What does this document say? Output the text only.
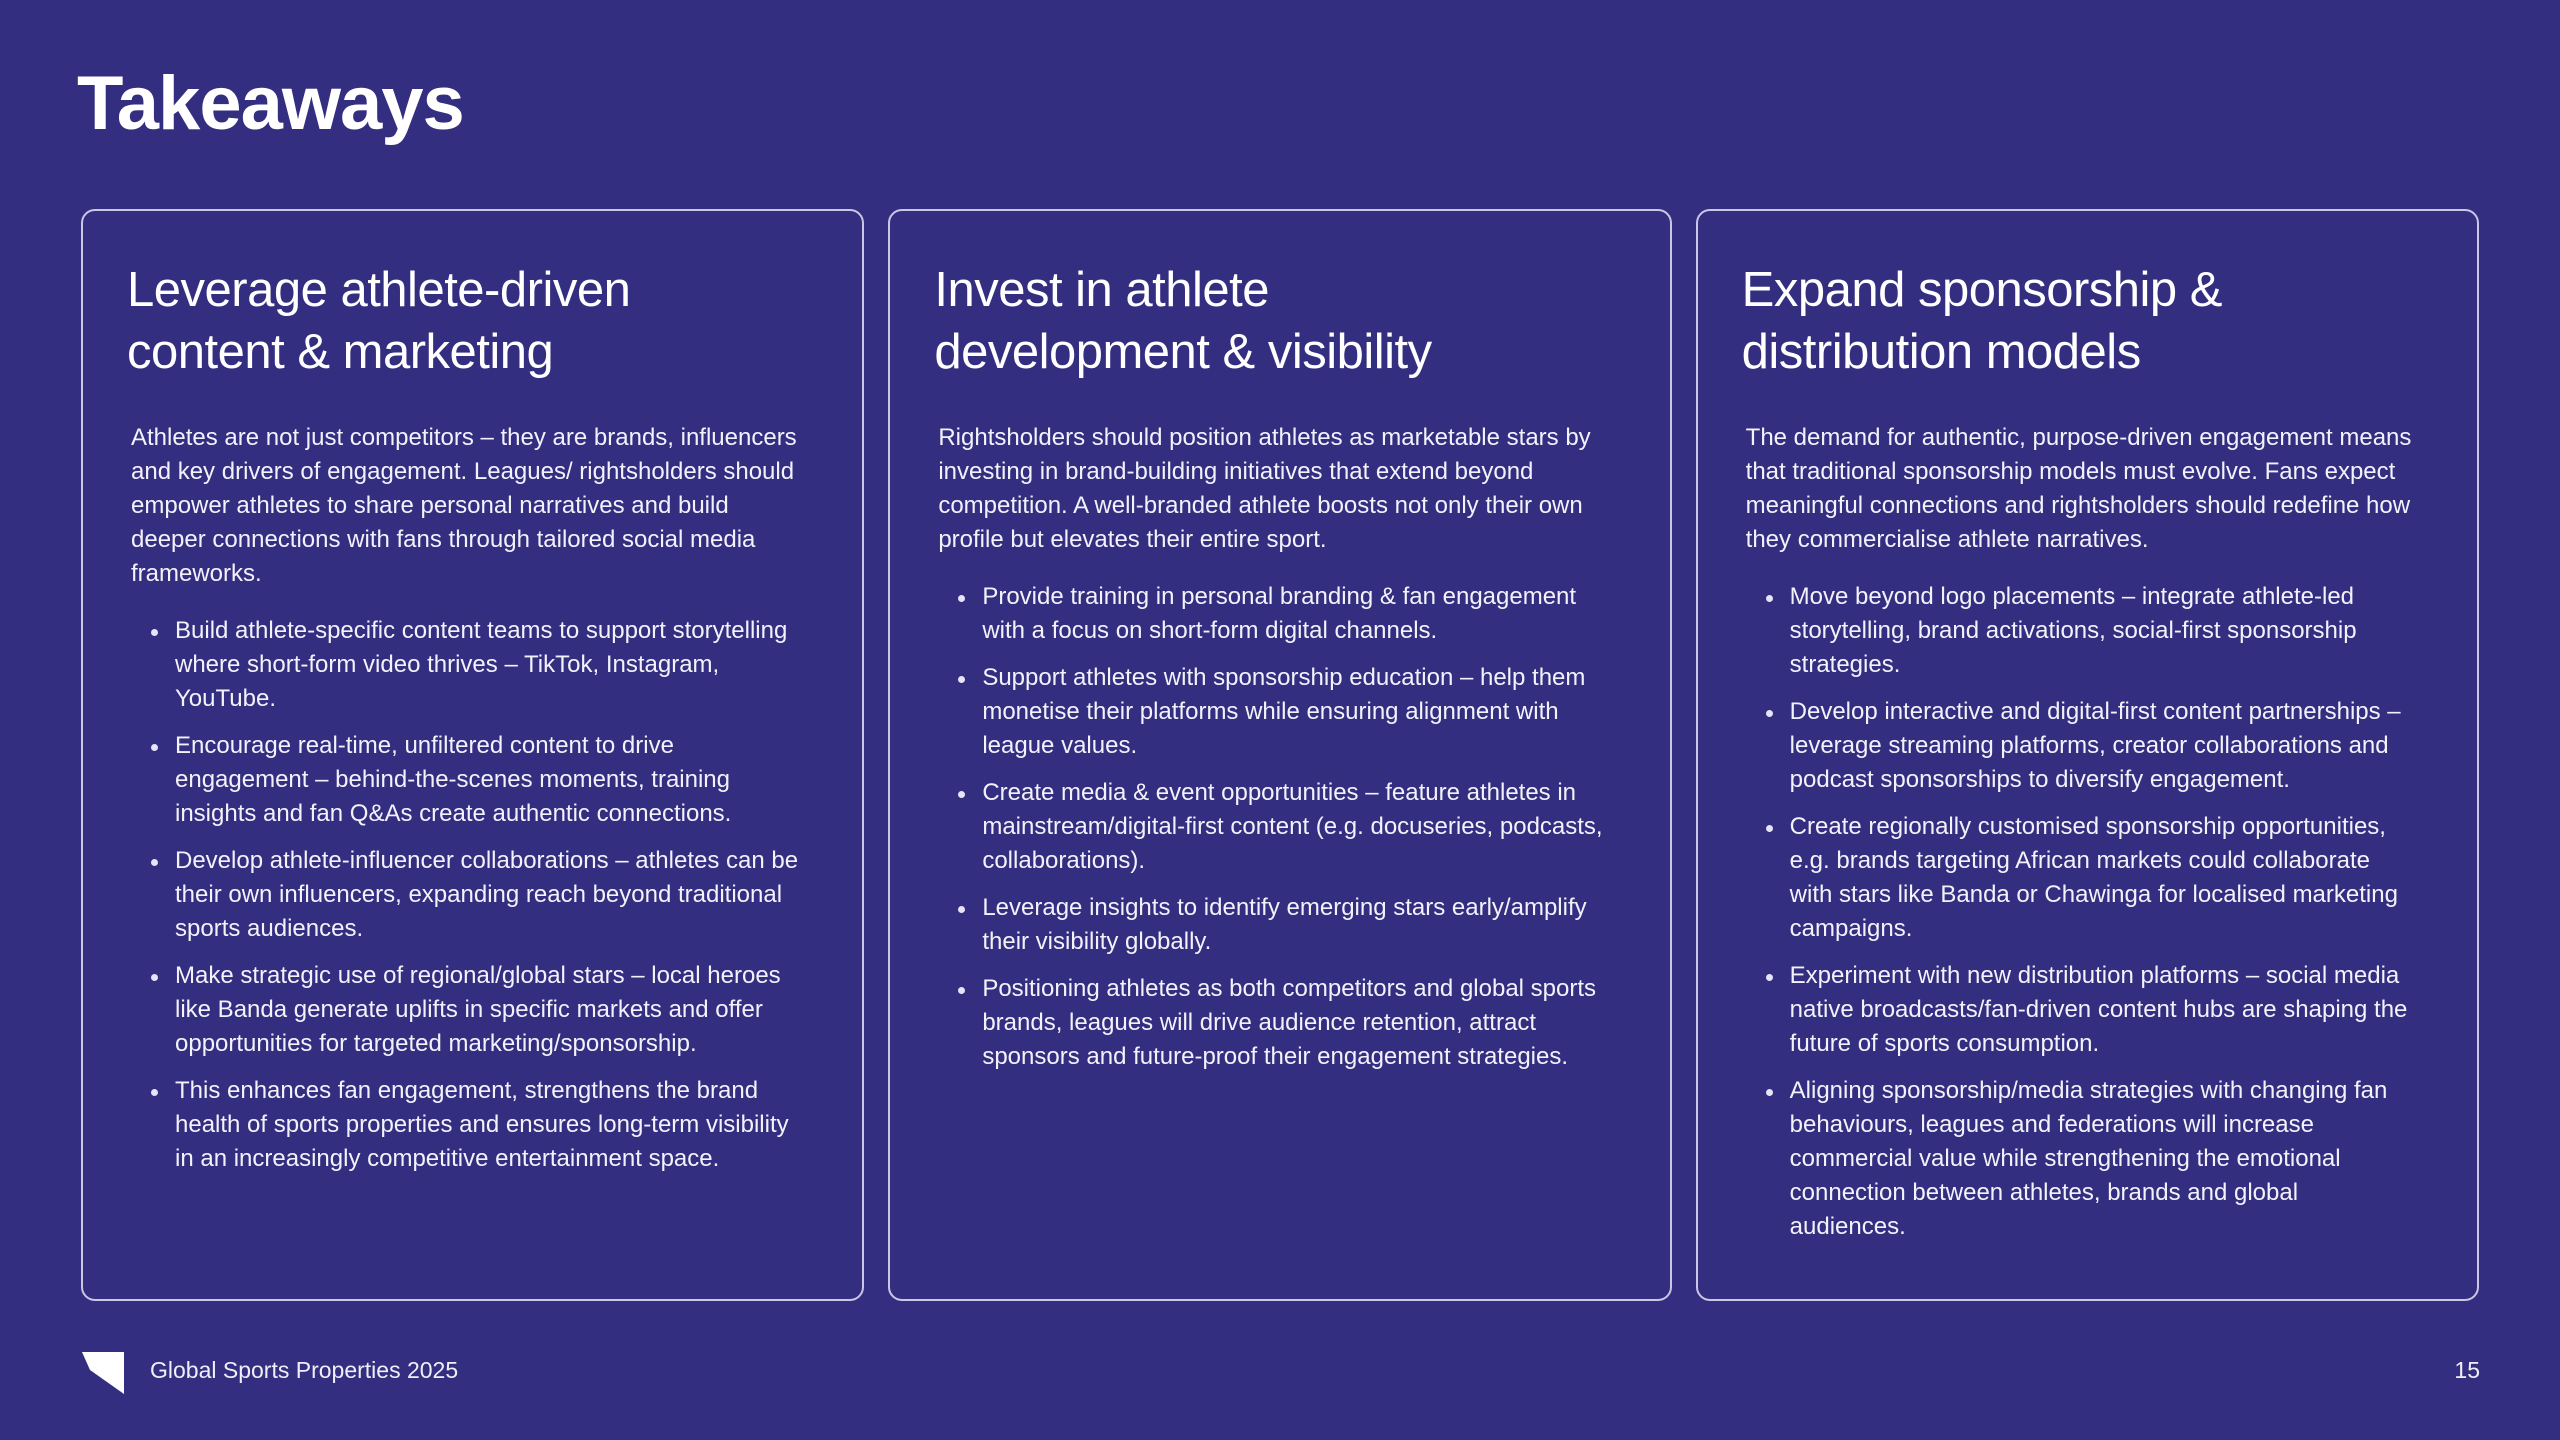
Takeaways
Leverage athlete-driven
content & marketing

Athletes are not just competitors – they are brands, influencers and key drivers of engagement. Leagues/ rightsholders should empower athletes to share personal narratives and build deeper connections with fans through tailored social media frameworks.

Build athlete-specific content teams to support storytelling where short-form video thrives – TikTok, Instagram, YouTube.
Encourage real-time, unfiltered content to drive engagement – behind-the-scenes moments, training insights and fan Q&As create authentic connections.
Develop athlete-influencer collaborations – athletes can be their own influencers, expanding reach beyond traditional sports audiences.
Make strategic use of regional/global stars – local heroes like Banda generate uplifts in specific markets and offer opportunities for targeted marketing/sponsorship.
This enhances fan engagement, strengthens the brand health of sports properties and ensures long-term visibility in an increasingly competitive entertainment space.
Invest in athlete
development & visibility

Rightsholders should position athletes as marketable stars by investing in brand-building initiatives that extend beyond competition. A well-branded athlete boosts not only their own profile but elevates their entire sport.

Provide training in personal branding & fan engagement with a focus on short-form digital channels.
Support athletes with sponsorship education – help them monetise their platforms while ensuring alignment with league values.
Create media & event opportunities – feature athletes in mainstream/digital-first content (e.g. docuseries, podcasts, collaborations).
Leverage insights to identify emerging stars early/amplify their visibility globally.
Positioning athletes as both competitors and global sports brands, leagues will drive audience retention, attract sponsors and future-proof their engagement strategies.
Expand sponsorship &
distribution models

The demand for authentic, purpose-driven engagement means that traditional sponsorship models must evolve. Fans expect meaningful connections and rightsholders should redefine how they commercialise athlete narratives.

Move beyond logo placements – integrate athlete-led storytelling, brand activations, social-first sponsorship strategies.
Develop interactive and digital-first content partnerships – leverage streaming platforms, creator collaborations and podcast sponsorships to diversify engagement.
Create regionally customised sponsorship opportunities, e.g. brands targeting African markets could collaborate with stars like Banda or Chawinga for localised marketing campaigns.
Experiment with new distribution platforms – social media native broadcasts/fan-driven content hubs are shaping the future of sports consumption.
Aligning sponsorship/media strategies with changing fan behaviours, leagues and federations will increase commercial value while strengthening the emotional connection between athletes, brands and global audiences.
Global Sports Properties 2025	15
